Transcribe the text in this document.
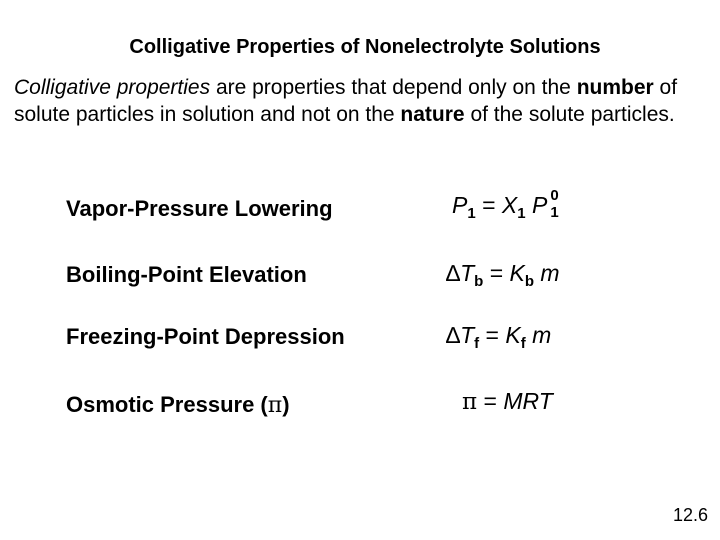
Colligative Properties of Nonelectrolyte Solutions
Colligative properties are properties that depend only on the number of solute particles in solution and not on the nature of the solute particles.
Vapor-Pressure Lowering	$P_1 = X_1$ P 0
1
Boiling-Point Elevation	$\Delta T_b = K_b$ m
Freezing-Point Depression	$\Delta T_f = K_f$ m
Osmotic Pressure (π)	π = MRT
12.6
